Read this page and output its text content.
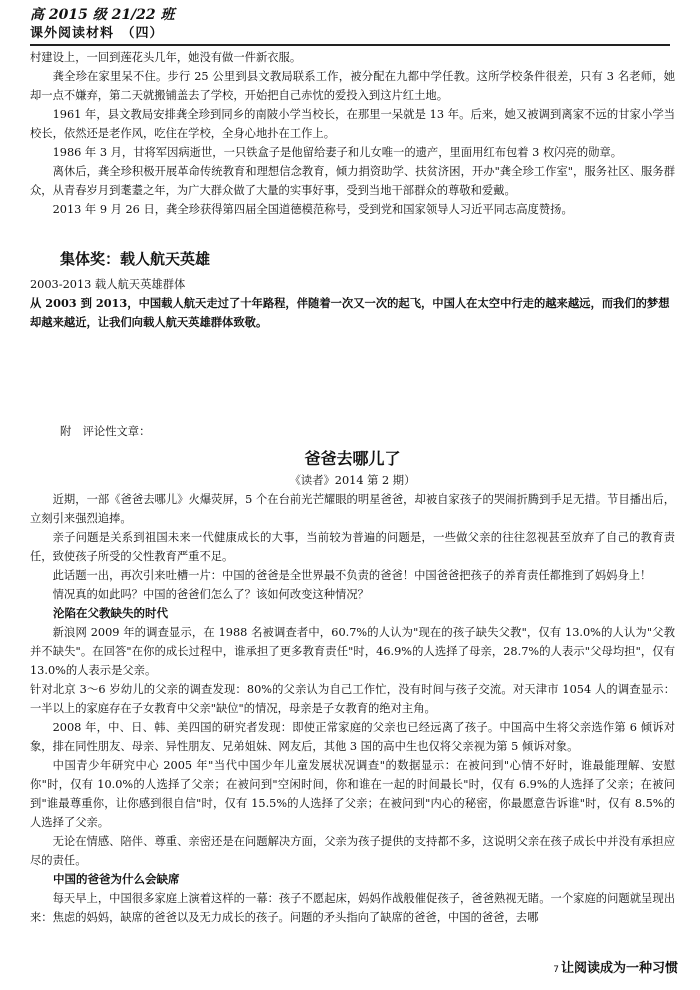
高 2015 级 21/22 班
课外阅读材料　（四）

村建设上，一回到莲花头几年，她没有做一件新衣服。

龚全珍在家里呆不住。步行 25 公里到县文教局联系工作，被分配在九都中学任教。这所学校条件很差，只有 3 名老师，她却一点不嫌弃，第二天就搬铺盖去了学校，开始把自己赤忱的爱投入到这片红土地。

1961 年，县文教局安排龚全珍到同乡的南陂小学当校长，在那里一呆就是 13 年。后来，她又被调到离家不远的甘家小学当校长，依然还是老作风，吃住在学校，全身心地扑在工作上。

1986 年 3 月，甘将军因病逝世，一只铁盒子是他留给妻子和儿女唯一的遗产，里面用红布包着 3 枚闪亮的勋章。

离休后，龚全珍积极开展革命传统教育和理想信念教育，倾力捐资助学、扶贫济困，开办"龚全珍工作室"，服务社区、服务群众，从青春岁月到耄耋之年，为广大群众做了大量的实事好事，受到当地干部群众的尊敬和爱戴。

2013 年 9 月 26 日，龚全珍获得第四届全国道德模范称号，受到党和国家领导人习近平同志高度赞扬。

集体奖：载人航天英雄
2003-2013 载人航天英雄群体
从 2003 到 2013，中国载人航天走过了十年路程，伴随着一次又一次的起飞，中国人在太空中行走的越来越远，而我们的梦想却越来越近，让我们向载人航天英雄群体致敬。
附　评论性文章：
爸爸去哪儿了
《读者》2014 第 2 期）

近期，一部《爸爸去哪儿》火爆荧屏，5 个在台前光芒耀眼的明星爸爸，却被自家孩子的哭闹折腾到手足无措。节目播出后，立刻引来强烈追捧。

亲子问题是关系到祖国未来一代健康成长的大事，当前较为普遍的问题是，一些做父亲的往往忽视甚至放弃了自己的教育责任，致使孩子所受的父性教育严重不足。

此话题一出，再次引来吐槽一片：中国的爸爸是全世界最不负责的爸爸！中国爸爸把孩子的养育责任都推到了妈妈身上！

情况真的如此吗？中国的爸爸们怎么了？该如何改变这种情况？

沦陷在父教缺失的时代

新浪网 2009 年的调查显示，在 1988 名被调查者中，60.7%的人认为"现在的孩子缺失父教"，仅有 13.0%的人认为"父教并不缺失"。在回答"在你的成长过程中，谁承担了更多教育责任"时，46.9%的人选择了母亲，28.7%的人表示"父母均担"，仅有 13.0%的人表示是父亲。

针对北京 3～6 岁幼儿的父亲的调查发现：80%的父亲认为自己工作忙，没有时间与孩子交流。对天津市 1054 人的调查显示：一半以上的家庭存在子女教育中父亲"缺位"的情况，母亲是子女教育的绝对主角。

2008 年，中、日、韩、美四国的研究者发现：即使正常家庭的父亲也已经远离了孩子。中国高中生将父亲选作第 6 倾诉对象，排在同性朋友、母亲、异性朋友、兄弟姐妹、网友后，其他 3 国的高中生也仅将父亲视为第 5 倾诉对象。

中国青少年研究中心 2005 年"当代中国少年儿童发展状况调查"的数据显示：在被问到"心情不好时，谁最能理解、安慰你"时，仅有 10.0%的人选择了父亲；在被问到"空闲时间，你和谁在一起的时间最长"时，仅有 6.9%的人选择了父亲；在被问到"谁最尊重你，让你感到很自信"时，仅有 15.5%的人选择了父亲；在被问到"内心的秘密，你最愿意告诉谁"时，仅有 8.5%的人选择了父亲。

无论在情感、陪伴、尊重、亲密还是在问题解决方面，父亲为孩子提供的支持都不多，这说明父亲在孩子成长中并没有承担应尽的责任。

中国的爸爸为什么会缺席

每天早上，中国很多家庭上演着这样的一幕：孩子不愿起床，妈妈作战般催促孩子，爸爸熟视无睹。一个家庭的问题就呈现出来：焦虑的妈妈，缺席的爸爸以及无力成长的孩子。问题的矛头指向了缺席的爸爸，中国的爸爸，去哪

7 让阅读成为一种习惯
